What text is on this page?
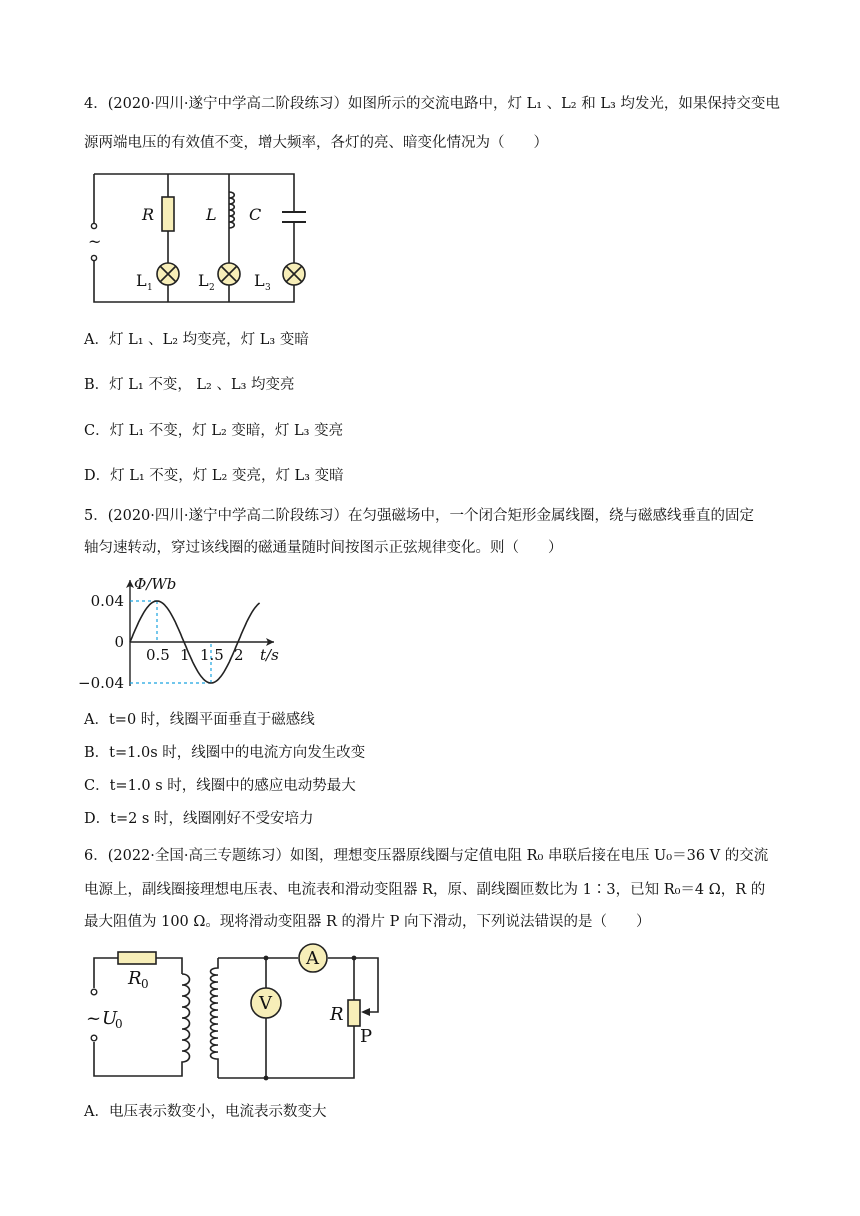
4．(2020·四川·遂宁中学高二阶段练习）如图所示的交流电路中，灯 L₁ 、L₂ 和 L₃ 均发光，如果保持交变电
源两端电压的有效值不变，增大频率，各灯的亮、暗变化情况为（　　）
~
R	L C
L 1	L 2 L 3
A．灯 L₁ 、L₂ 均变亮，灯 L₃ 变暗
B．灯 L₁ 不变， L₂ 、L₃ 均变亮
C．灯 L₁ 不变，灯 L₂ 变暗，灯 L₃ 变亮
D．灯 L₁ 不变，灯 L₂ 变亮，灯 L₃ 变暗
5．(2020·四川·遂宁中学高二阶段练习）在匀强磁场中，一个闭合矩形金属线圈，绕与磁感线垂直的固定
轴匀速转动，穿过该线圈的磁通量随时间按图示正弦规律变化。则（　　）
0.5 1 1.5 2
0.04
0
−0.04
Φ/Wb
t/s
A．t=0 时，线圈平面垂直于磁感线
B．t=1.0s 时，线圈中的电流方向发生改变
C．t=1.0 s 时，线圈中的感应电动势最大
D．t=2 s 时，线圈刚好不受安培力
6．(2022·全国·高三专题练习）如图，理想变压器原线圈与定值电阻 R₀ 串联后接在电压 U₀＝36 V 的交流
电源上，副线圈接理想电压表、电流表和滑动变阻器 R，原、副线圈匝数比为 1∶3，已知 R₀＝4 Ω，R 的
最大阻值为 100 Ω。现将滑动变阻器 R 的滑片 P 向下滑动，下列说法错误的是（　　）
A
V
R 0
~ U
0	R
P
A．电压表示数变小，电流表示数变大
